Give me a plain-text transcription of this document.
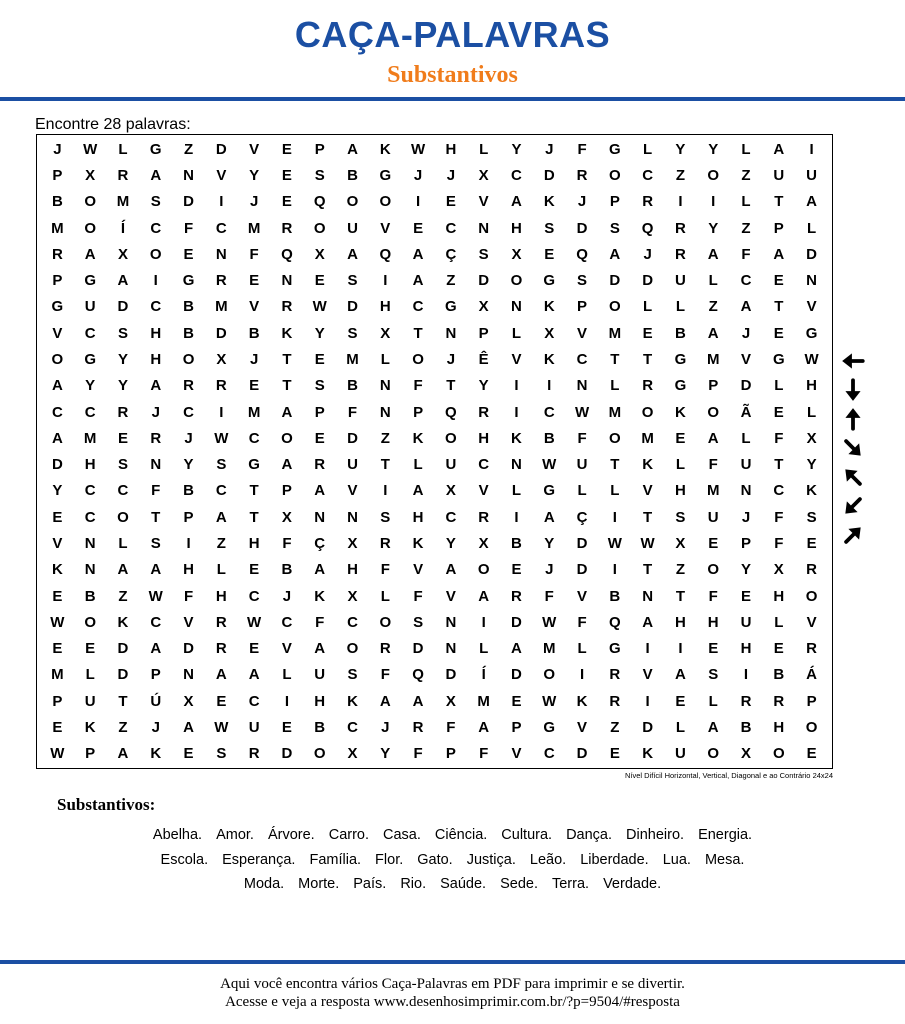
CAÇA-PALAVRAS
Substantivos
Encontre 28 palavras:
J	W	L	G	Z	D	V	E	P	A	K	W	H	L	Y	J	F	G	L	Y	Y	L	A	I
P	X	R	A	N	V	Y	E	S	B	G	J	J	X	C	D	R	O	C	Z	O	Z	U	U
B	O	M	S	D	I	J	E	Q	O	O	I	E	V	A	K	J	P	R	I	I	L	T	A
M	O	Í	C	F	C	M	R	O	U	V	E	C	N	H	S	D	S	Q	R	Y	Z	P	L
R	A	X	O	E	N	F	Q	X	A	Q	A	Ç	S	X	E	Q	A	J	R	A	F	A	D
P	G	A	I	G	R	E	N	E	S	I	A	Z	D	O	G	S	D	D	U	L	C	E	N
G	U	D	C	B	M	V	R	W	D	H	C	G	X	N	K	P	O	L	L	Z	A	T	V
V	C	S	H	B	D	B	K	Y	S	X	T	N	P	L	X	V	M	E	B	A	J	E	G
O	G	Y	H	O	X	J	T	E	M	L	O	J	Ê	V	K	C	T	T	G	M	V	G	W
A	Y	Y	A	R	R	E	T	S	B	N	F	T	Y	I	I	N	L	R	G	P	D	L	H
C	C	R	J	C	I	M	A	P	F	N	P	Q	R	I	C	W	M	O	K	O	Ã	E	L
A	M	E	R	J	W	C	O	E	D	Z	K	O	H	K	B	F	O	M	E	A	L	F	X
D	H	S	N	Y	S	G	A	R	U	T	L	U	C	N	W	U	T	K	L	F	U	T	Y
Y	C	C	F	B	C	T	P	A	V	I	A	X	V	L	G	L	L	V	H	M	N	C	K
E	C	O	T	P	A	T	X	N	N	S	H	C	R	I	A	Ç	I	T	S	U	J	F	S
V	N	L	S	I	Z	H	F	Ç	X	R	K	Y	X	B	Y	D	W	W	X	E	P	F	E
K	N	A	A	H	L	E	B	A	H	F	V	A	O	E	J	D	I	T	Z	O	Y	X	R
E	B	Z	W	F	H	C	J	K	X	L	F	V	A	R	F	V	B	N	T	F	E	H	O
W	O	K	C	V	R	W	C	F	C	O	S	N	I	D	W	F	Q	A	H	H	U	L	V
E	E	D	A	D	R	E	V	A	O	R	D	N	L	A	M	L	G	I	I	E	H	E	R
M	L	D	P	N	A	A	L	U	S	F	Q	D	Í	D	O	I	R	V	A	S	I	B	Á
P	U	T	Ú	X	E	C	I	H	K	A	A	X	M	E	W	K	R	I	E	L	R	R	P
E	K	Z	J	A	W	U	E	B	C	J	R	F	A	P	G	V	Z	D	L	A	B	H	O
W	P	A	K	E	S	R	D	O	X	Y	F	P	F	V	C	D	E	K	U	O	X	O	E
Nível Difícil Horizontal, Vertical, Diagonal e ao Contrário 24x24
Substantivos:
Abelha. Amor. Árvore. Carro. Casa. Ciência. Cultura. Dança. Dinheiro. Energia.
Escola. Esperança. Família. Flor. Gato. Justiça. Leão. Liberdade. Lua. Mesa.
Moda. Morte. País. Rio. Saúde. Sede. Terra. Verdade.
Aqui você encontra vários Caça-Palavras em PDF para imprimir e se divertir.
Acesse e veja a resposta www.desenhosimprimir.com.br/?p=9504/#resposta
